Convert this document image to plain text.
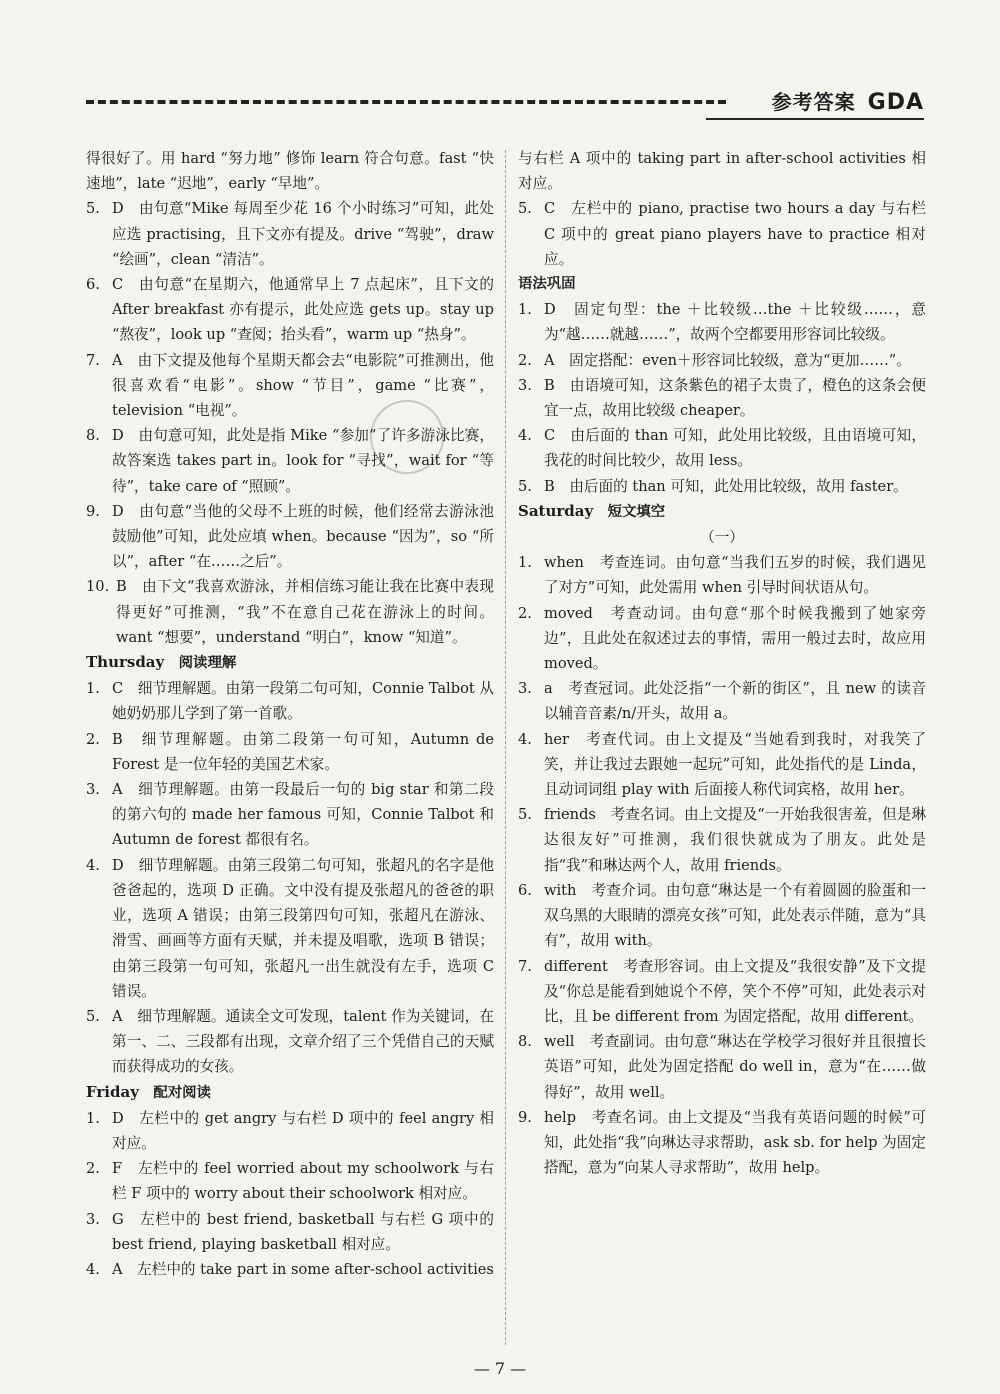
参考答案 GDA

得很好了。用 hard “努力地” 修饰 learn 符合句意。fast “快速地”，late “迟地”，early “早地”。

5. D　由句意“Mike 每周至少花 16 个小时练习”可知，此处应选 practising，且下文亦有提及。drive “驾驶”，draw “绘画”，clean “清洁”。

6. C　由句意“在星期六，他通常早上 7 点起床”，且下文的 After breakfast 亦有提示，此处应选 gets up。stay up “熬夜”，look up “查阅；抬头看”，warm up “热身”。

7. A　由下文提及他每个星期天都会去“电影院”可推测出，他很喜欢看“电影”。show “节目”，game “比赛”，television “电视”。

8. D　由句意可知，此处是指 Mike “参加”了许多游泳比赛，故答案选 takes part in。look for “寻找”，wait for “等待”，take care of “照顾”。

9. D　由句意“当他的父母不上班的时候，他们经常去游泳池鼓励他”可知，此处应填 when。because “因为”，so “所以”，after “在……之后”。

10. B　由下文“我喜欢游泳，并相信练习能让我在比赛中表现得更好”可推测，“我”不在意自己花在游泳上的时间。want “想要”，understand “明白”，know “知道”。

Thursday　 阅读理解

1. C　细节理解题。由第一段第二句可知，Connie Talbot 从她奶奶那儿学到了第一首歌。

2. B　细节理解题。由第二段第一句可知，Autumn de Forest 是一位年轻的美国艺术家。

3. A　细节理解题。由第一段最后一句的 big star 和第二段的第六句的 made her famous 可知，Connie Talbot 和 Autumn de forest 都很有名。

4. D　细节理解题。由第三段第二句可知，张超凡的名字是他爸爸起的，选项 D 正确。文中没有提及张超凡的爸爸的职业，选项 A 错误；由第三段第四句可知，张超凡在游泳、滑雪、画画等方面有天赋，并未提及唱歌，选项 B 错误；由第三段第一句可知，张超凡一出生就没有左手，选项 C 错误。

5. A　细节理解题。通读全文可发现，talent 作为关键词，在第一、二、三段都有出现，文章介绍了三个凭借自己的天赋而获得成功的女孩。

Friday　 配对阅读

1. D　左栏中的 get angry 与右栏 D 项中的 feel angry 相对应。

2. F　左栏中的 feel worried about my schoolwork 与右栏 F 项中的 worry about their schoolwork 相对应。

3. G　左栏中的 best friend, basketball 与右栏 G 项中的 best friend, playing basketball 相对应。

4. A　左栏中的 take part in some after-school activities

与右栏 A 项中的 taking part in after-school activities 相对应。

5. C　左栏中的 piano, practise two hours a day 与右栏 C 项中的 great piano players have to practice 相对应。

语法巩固

1. D　固定句型：the ＋比较级…the ＋比较级……，意为“越……就越……”，故两个空都要用形容词比较级。

2. A　固定搭配：even＋形容词比较级，意为“更加……”。

3. B　由语境可知，这条紫色的裙子太贵了，橙色的这条会便宜一点，故用比较级 cheaper。

4. C　由后面的 than 可知，此处用比较级，且由语境可知，我花的时间比较少，故用 less。

5. B　由后面的 than 可知，此处用比较级，故用 faster。

Saturday　 短文填空

（一）

1. when　考查连词。由句意“当我们五岁的时候，我们遇见了对方”可知，此处需用 when 引导时间状语从句。

2. moved　考查动词。由句意“那个时候我搬到了她家旁边”，且此处在叙述过去的事情，需用一般过去时，故应用 moved。

3. a　考查冠词。此处泛指“一个新的街区”，且 new 的读音以辅音音素/n/开头，故用 a。

4. her　考查代词。由上文提及“当她看到我时，对我笑了笑，并让我过去跟她一起玩”可知，此处指代的是 Linda，且动词词组 play with 后面接人称代词宾格，故用 her。

5. friends　考查名词。由上文提及“一开始我很害羞，但是琳达很友好”可推测，我们很快就成为了朋友。此处是指“我”和琳达两个人，故用 friends。

6. with　考查介词。由句意“琳达是一个有着圆圆的脸蛋和一双乌黑的大眼睛的漂亮女孩”可知，此处表示伴随，意为“具有”，故用 with。

7. different　考查形容词。由上文提及“我很安静”及下文提及“你总是能看到她说个不停，笑个不停”可知，此处表示对比，且 be different from 为固定搭配，故用 different。

8. well　考查副词。由句意“琳达在学校学习很好并且很擅长英语”可知，此处为固定搭配 do well in，意为“在……做得好”，故用 well。

9. help　考查名词。由上文提及“当我有英语问题的时候”可知，此处指“我”向琳达寻求帮助，ask sb. for help 为固定搭配，意为“向某人寻求帮助”，故用 help。

— 7 —
